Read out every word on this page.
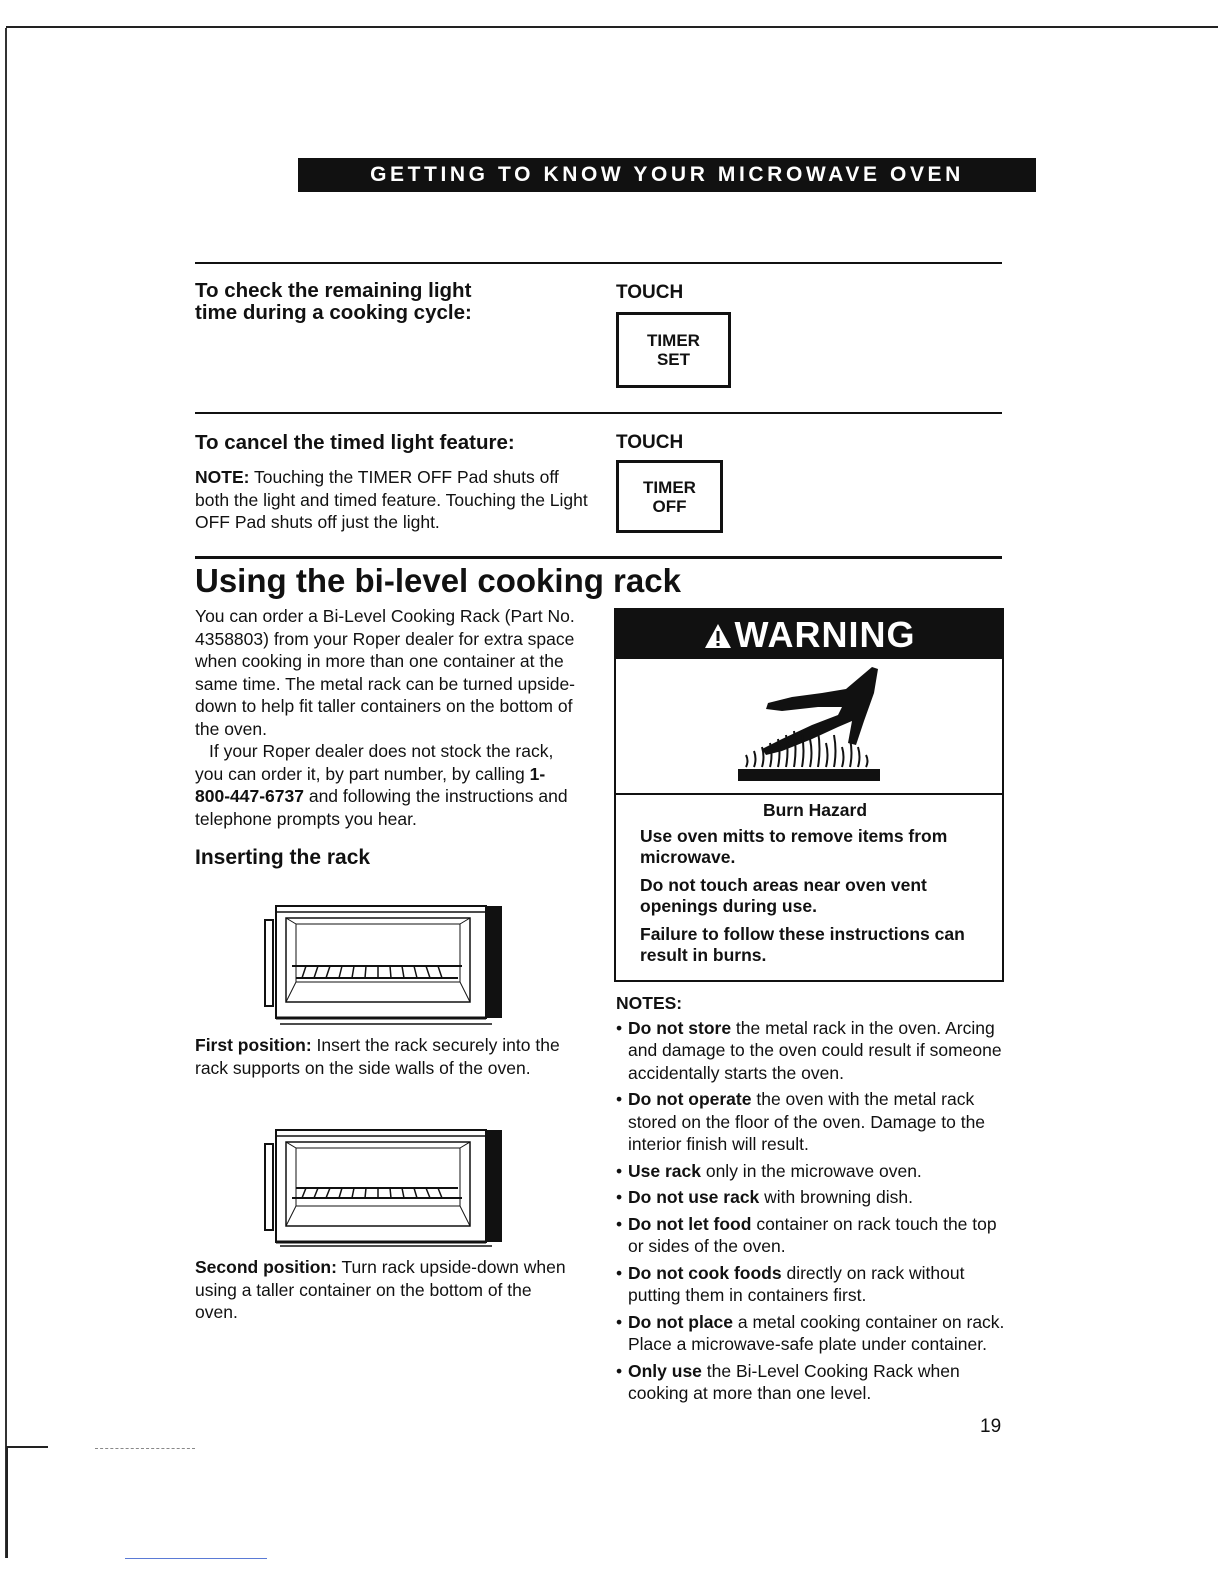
GETTING TO KNOW YOUR MICROWAVE OVEN
To check the remaining light
time during a cooking cycle:
TOUCH
TIMER
SET
To cancel the timed light feature:
NOTE: Touching the TIMER OFF Pad shuts off both the light and timed feature. Touching the Light OFF Pad shuts off just the light.
TOUCH
TIMER
OFF
Using the bi-level cooking rack
You can order a Bi-Level Cooking Rack (Part No. 4358803) from your Roper dealer for extra space when cooking in more than one container at the same time. The metal rack can be turned upside-down to help fit taller containers on the bottom of the oven.
If your Roper dealer does not stock the rack, you can order it, by part number, by calling 1-800-447-6737 and following the instructions and telephone prompts you hear.
Inserting the rack
First position: Insert the rack securely into the rack supports on the side walls of the oven.
Second position: Turn rack upside-down when using a taller container on the bottom of the oven.
WARNING

Burn Hazard

Use oven mitts to remove items from microwave.

Do not touch areas near oven vent openings during use.

Failure to follow these instructions can result in burns.

NOTES:
• Do not store the metal rack in the oven. Arcing and damage to the oven could result if someone accidentally starts the oven.
• Do not operate the oven with the metal rack stored on the floor of the oven. Damage to the interior finish will result.
• Use rack only in the microwave oven.
• Do not use rack with browning dish.
• Do not let food container on rack touch the top or sides of the oven.
• Do not cook foods directly on rack without putting them in containers first.
• Do not place a metal cooking container on rack. Place a microwave-safe plate under container.
• Only use the Bi-Level Cooking Rack when cooking at more than one level.
19
